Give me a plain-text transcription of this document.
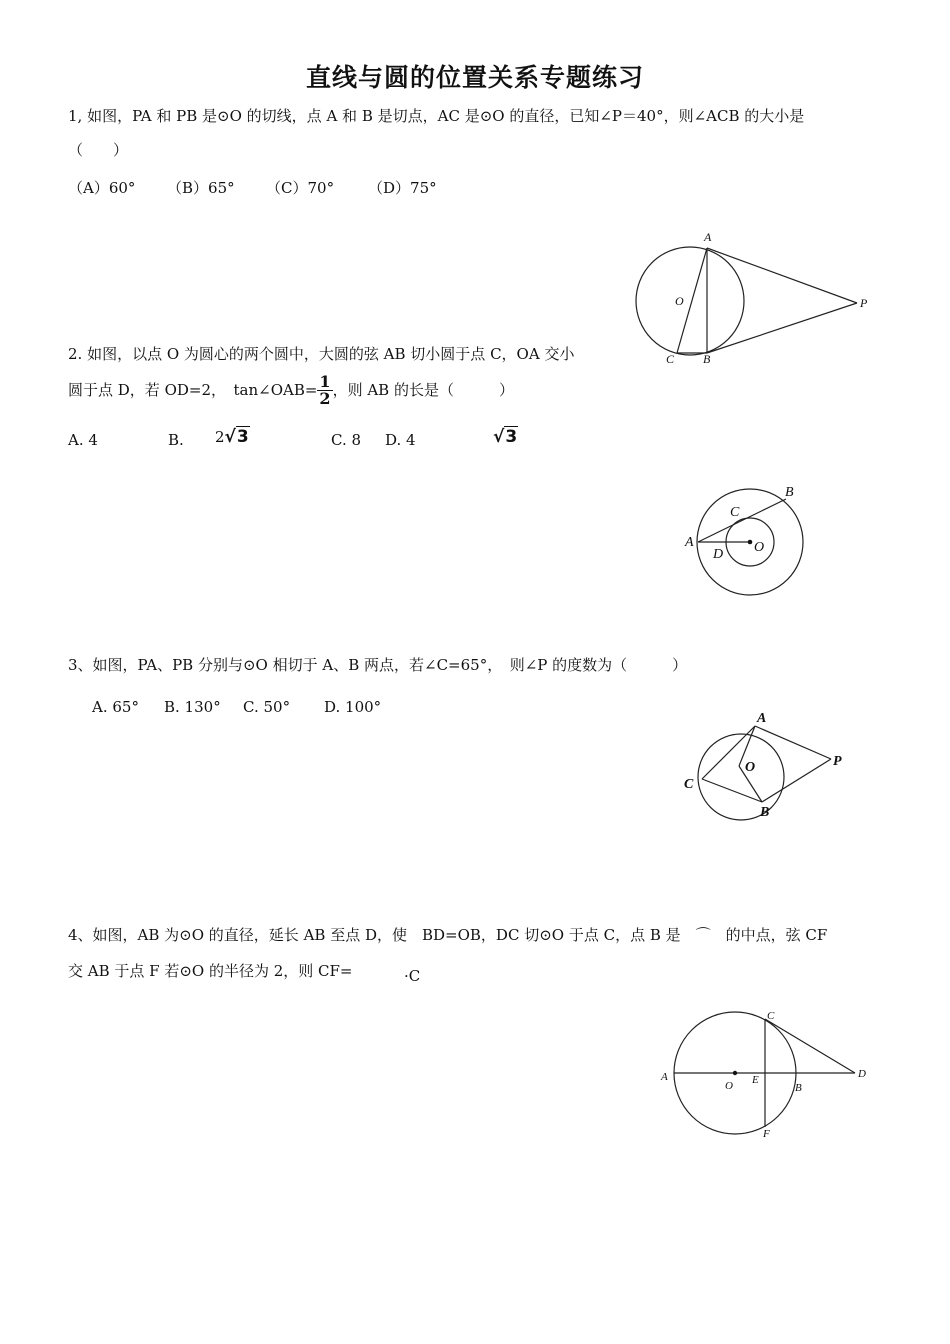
直线与圆的位置关系专题练习
1, 如图，PA 和 PB 是⊙O 的切线，点 A 和 B 是切点，AC 是⊙O 的直径，已知∠P＝40°，则∠ACB 的大小是
（　　）
（A）60° （B）65° （C）70° （D）75°
A
O	P
C B
2. 如图，以点 O 为圆心的两个圆中，大圆的弦 AB 切小圆于点 C，OA 交小
圆于点 D，若 OD=2，　tan∠OAB= $\frac{1}{2}$ ，则 AB 的长是（　　　）
A. 4	B. 2√3	C. 8 D. 4	√3
A
B
C
D O
3、如图，PA、PB 分别与⊙O 相切于 A、B 两点，若∠C=65°，　则∠P 的度数为（　　　）
A. 65° B. 130° C. 50° D. 100°
A
O	P
C
B
4、如图，AB 为⊙O 的直径，延长 AB 至点 D，使　BD=OB，DC 切⊙O 于点 C，点 B 是　⌒　的中点，弦 CF
交 AB 于点 F 若⊙O 的半径为 2，则 CF=	·C
C
A
O E
B
D
F
